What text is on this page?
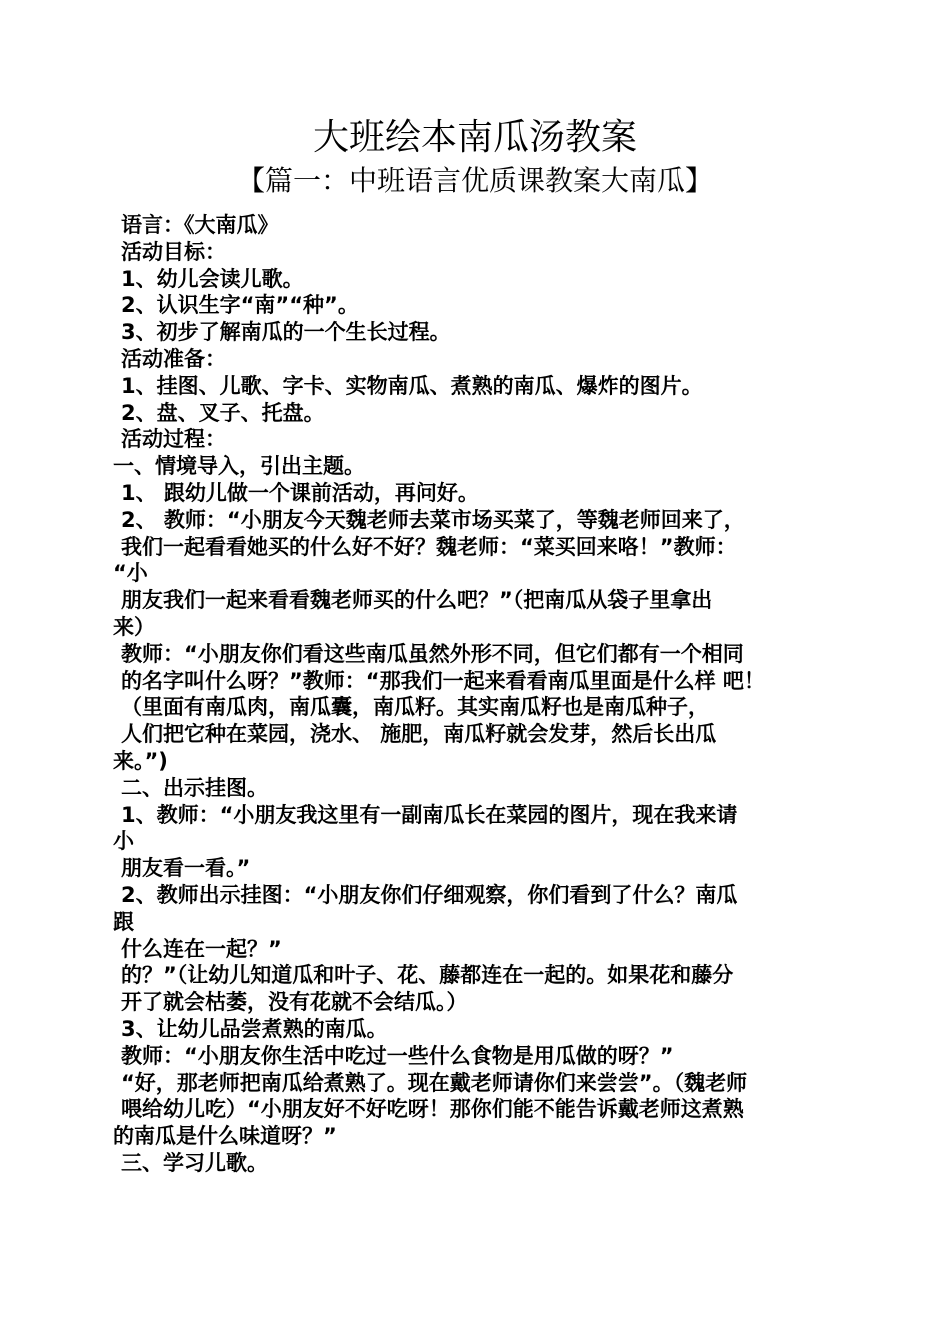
大班绘本南瓜汤教案
【篇一：中班语言优质课教案大南瓜】
语言：《大南瓜》
活动目标：
1、幼儿会读儿歌。
2、认识生字“南”“种”。
3、初步了解南瓜的一个生长过程。
活动准备：
1、挂图、儿歌、字卡、实物南瓜、煮熟的南瓜、爆炸的图片。
2、盘、叉子、托盘。
活动过程：
一、情境导入，引出主题。
1、 跟幼儿做一个课前活动，再问好。
2、 教师：“小朋友今天魏老师去菜市场买菜了，等魏老师回来了，
我们一起看看她买的什么好不好？魏老师：“菜买回来咯！”教师：
“小
朋友我们一起来看看魏老师买的什么吧？”（把南瓜从袋子里拿出
来）
教师：“小朋友你们看这些南瓜虽然外形不同，但它们都有一个相同
的名字叫什么呀？”教师：“那我们一起来看看南瓜里面是什么样 吧！
（里面有南瓜肉，南瓜囊，南瓜籽。其实南瓜籽也是南瓜种子，
人们把它种在菜园，浇水、 施肥，南瓜籽就会发芽，然后长出瓜
来。”)
二、出示挂图。
1、教师：“小朋友我这里有一副南瓜长在菜园的图片，现在我来请
小
朋友看一看。”
2、教师出示挂图：“小朋友你们仔细观察，你们看到了什么？南瓜
跟
什么连在一起？”
的？”（让幼儿知道瓜和叶子、花、藤都连在一起的。如果花和藤分
开了就会枯萎，没有花就不会结瓜。）
3、让幼儿品尝煮熟的南瓜。
教师：“小朋友你生活中吃过一些什么食物是用瓜做的呀？”
“好，那老师把南瓜给煮熟了。现在戴老师请你们来尝尝”。（魏老师
喂给幼儿吃）“小朋友好不好吃呀！那你们能不能告诉戴老师这煮熟
的南瓜是什么味道呀？”
三、学习儿歌。
